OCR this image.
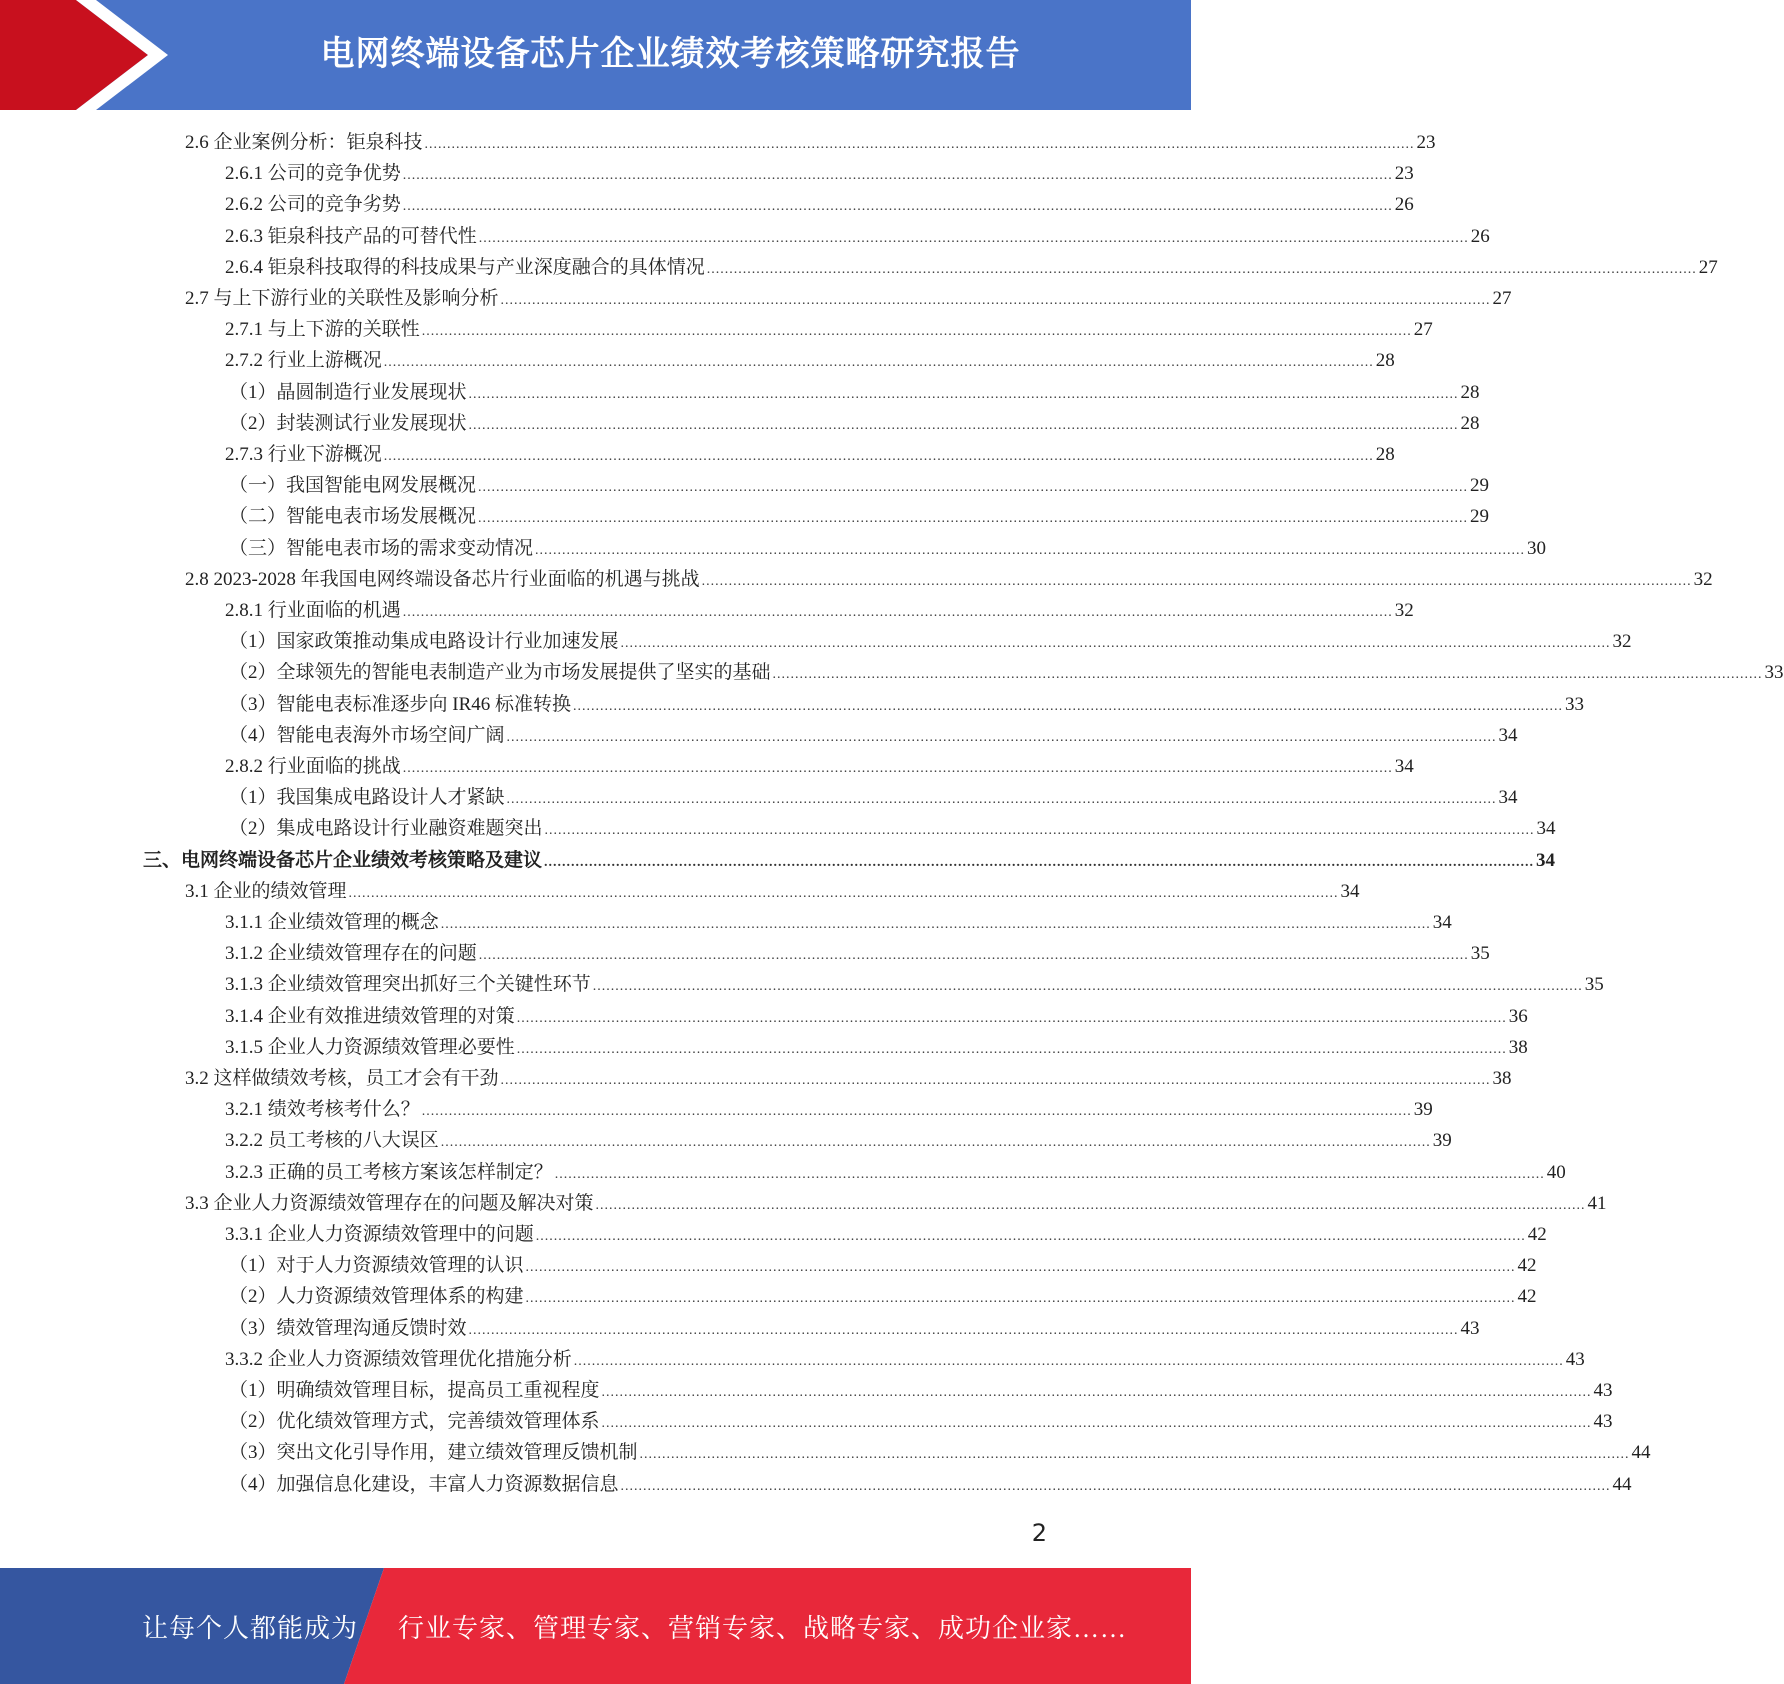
电网终端设备芯片企业绩效考核策略研究报告
2.6 企业案例分析：钜泉科技 ............................................................................................................................................................................................................................ 23
2.6.1 公司的竞争优势 ............................................................................................................................................................................................................................ 23
2.6.2 公司的竞争劣势 ............................................................................................................................................................................................................................ 26
2.6.3 钜泉科技产品的可替代性 ............................................................................................................................................................................................................................ 26
2.6.4 钜泉科技取得的科技成果与产业深度融合的具体情况 ............................................................................................................................................................................................................................ 27
2.7 与上下游行业的关联性及影响分析 ............................................................................................................................................................................................................................ 27
2.7.1 与上下游的关联性 ............................................................................................................................................................................................................................ 27
2.7.2 行业上游概况 ............................................................................................................................................................................................................................ 28
（1）晶圆制造行业发展现状 ............................................................................................................................................................................................................................ 28
（2）封装测试行业发展现状 ............................................................................................................................................................................................................................ 28
2.7.3 行业下游概况 ............................................................................................................................................................................................................................ 28
（一）我国智能电网发展概况 ............................................................................................................................................................................................................................ 29
（二）智能电表市场发展概况 ............................................................................................................................................................................................................................ 29
（三）智能电表市场的需求变动情况 ............................................................................................................................................................................................................................ 30
2.8 2023-2028 年我国电网终端设备芯片行业面临的机遇与挑战 ............................................................................................................................................................................................................................ 32
2.8.1 行业面临的机遇 ............................................................................................................................................................................................................................ 32
（1）国家政策推动集成电路设计行业加速发展 ............................................................................................................................................................................................................................ 32
（2）全球领先的智能电表制造产业为市场发展提供了坚实的基础 ............................................................................................................................................................................................................................ 33
（3）智能电表标准逐步向 IR46 标准转换 ............................................................................................................................................................................................................................ 33
（4）智能电表海外市场空间广阔 ............................................................................................................................................................................................................................ 34
2.8.2 行业面临的挑战 ............................................................................................................................................................................................................................ 34
（1）我国集成电路设计人才紧缺 ............................................................................................................................................................................................................................ 34
（2）集成电路设计行业融资难题突出 ............................................................................................................................................................................................................................ 34
三、电网终端设备芯片企业绩效考核策略及建议 ............................................................................................................................................................................................................................ 34
3.1 企业的绩效管理 ............................................................................................................................................................................................................................ 34
3.1.1 企业绩效管理的概念 ............................................................................................................................................................................................................................ 34
3.1.2 企业绩效管理存在的问题 ............................................................................................................................................................................................................................ 35
3.1.3 企业绩效管理突出抓好三个关键性环节 ............................................................................................................................................................................................................................ 35
3.1.4 企业有效推进绩效管理的对策 ............................................................................................................................................................................................................................ 36
3.1.5 企业人力资源绩效管理必要性 ............................................................................................................................................................................................................................ 38
3.2 这样做绩效考核，员工才会有干劲 ............................................................................................................................................................................................................................ 38
3.2.1 绩效考核考什么？ ............................................................................................................................................................................................................................ 39
3.2.2 员工考核的八大误区 ............................................................................................................................................................................................................................ 39
3.2.3 正确的员工考核方案该怎样制定？ ............................................................................................................................................................................................................................ 40
3.3 企业人力资源绩效管理存在的问题及解决对策 ............................................................................................................................................................................................................................ 41
3.3.1 企业人力资源绩效管理中的问题 ............................................................................................................................................................................................................................ 42
（1）对于人力资源绩效管理的认识 ............................................................................................................................................................................................................................ 42
（2）人力资源绩效管理体系的构建 ............................................................................................................................................................................................................................ 42
（3）绩效管理沟通反馈时效 ............................................................................................................................................................................................................................ 43
3.3.2 企业人力资源绩效管理优化措施分析 ............................................................................................................................................................................................................................ 43
（1）明确绩效管理目标，提高员工重视程度 ............................................................................................................................................................................................................................ 43
（2）优化绩效管理方式，完善绩效管理体系 ............................................................................................................................................................................................................................ 43
（3）突出文化引导作用，建立绩效管理反馈机制 ............................................................................................................................................................................................................................ 44
（4）加强信息化建设，丰富人力资源数据信息 ............................................................................................................................................................................................................................ 44
2
让每个人都能成为 行业专家、管理专家、营销专家、战略专家、成功企业家……
